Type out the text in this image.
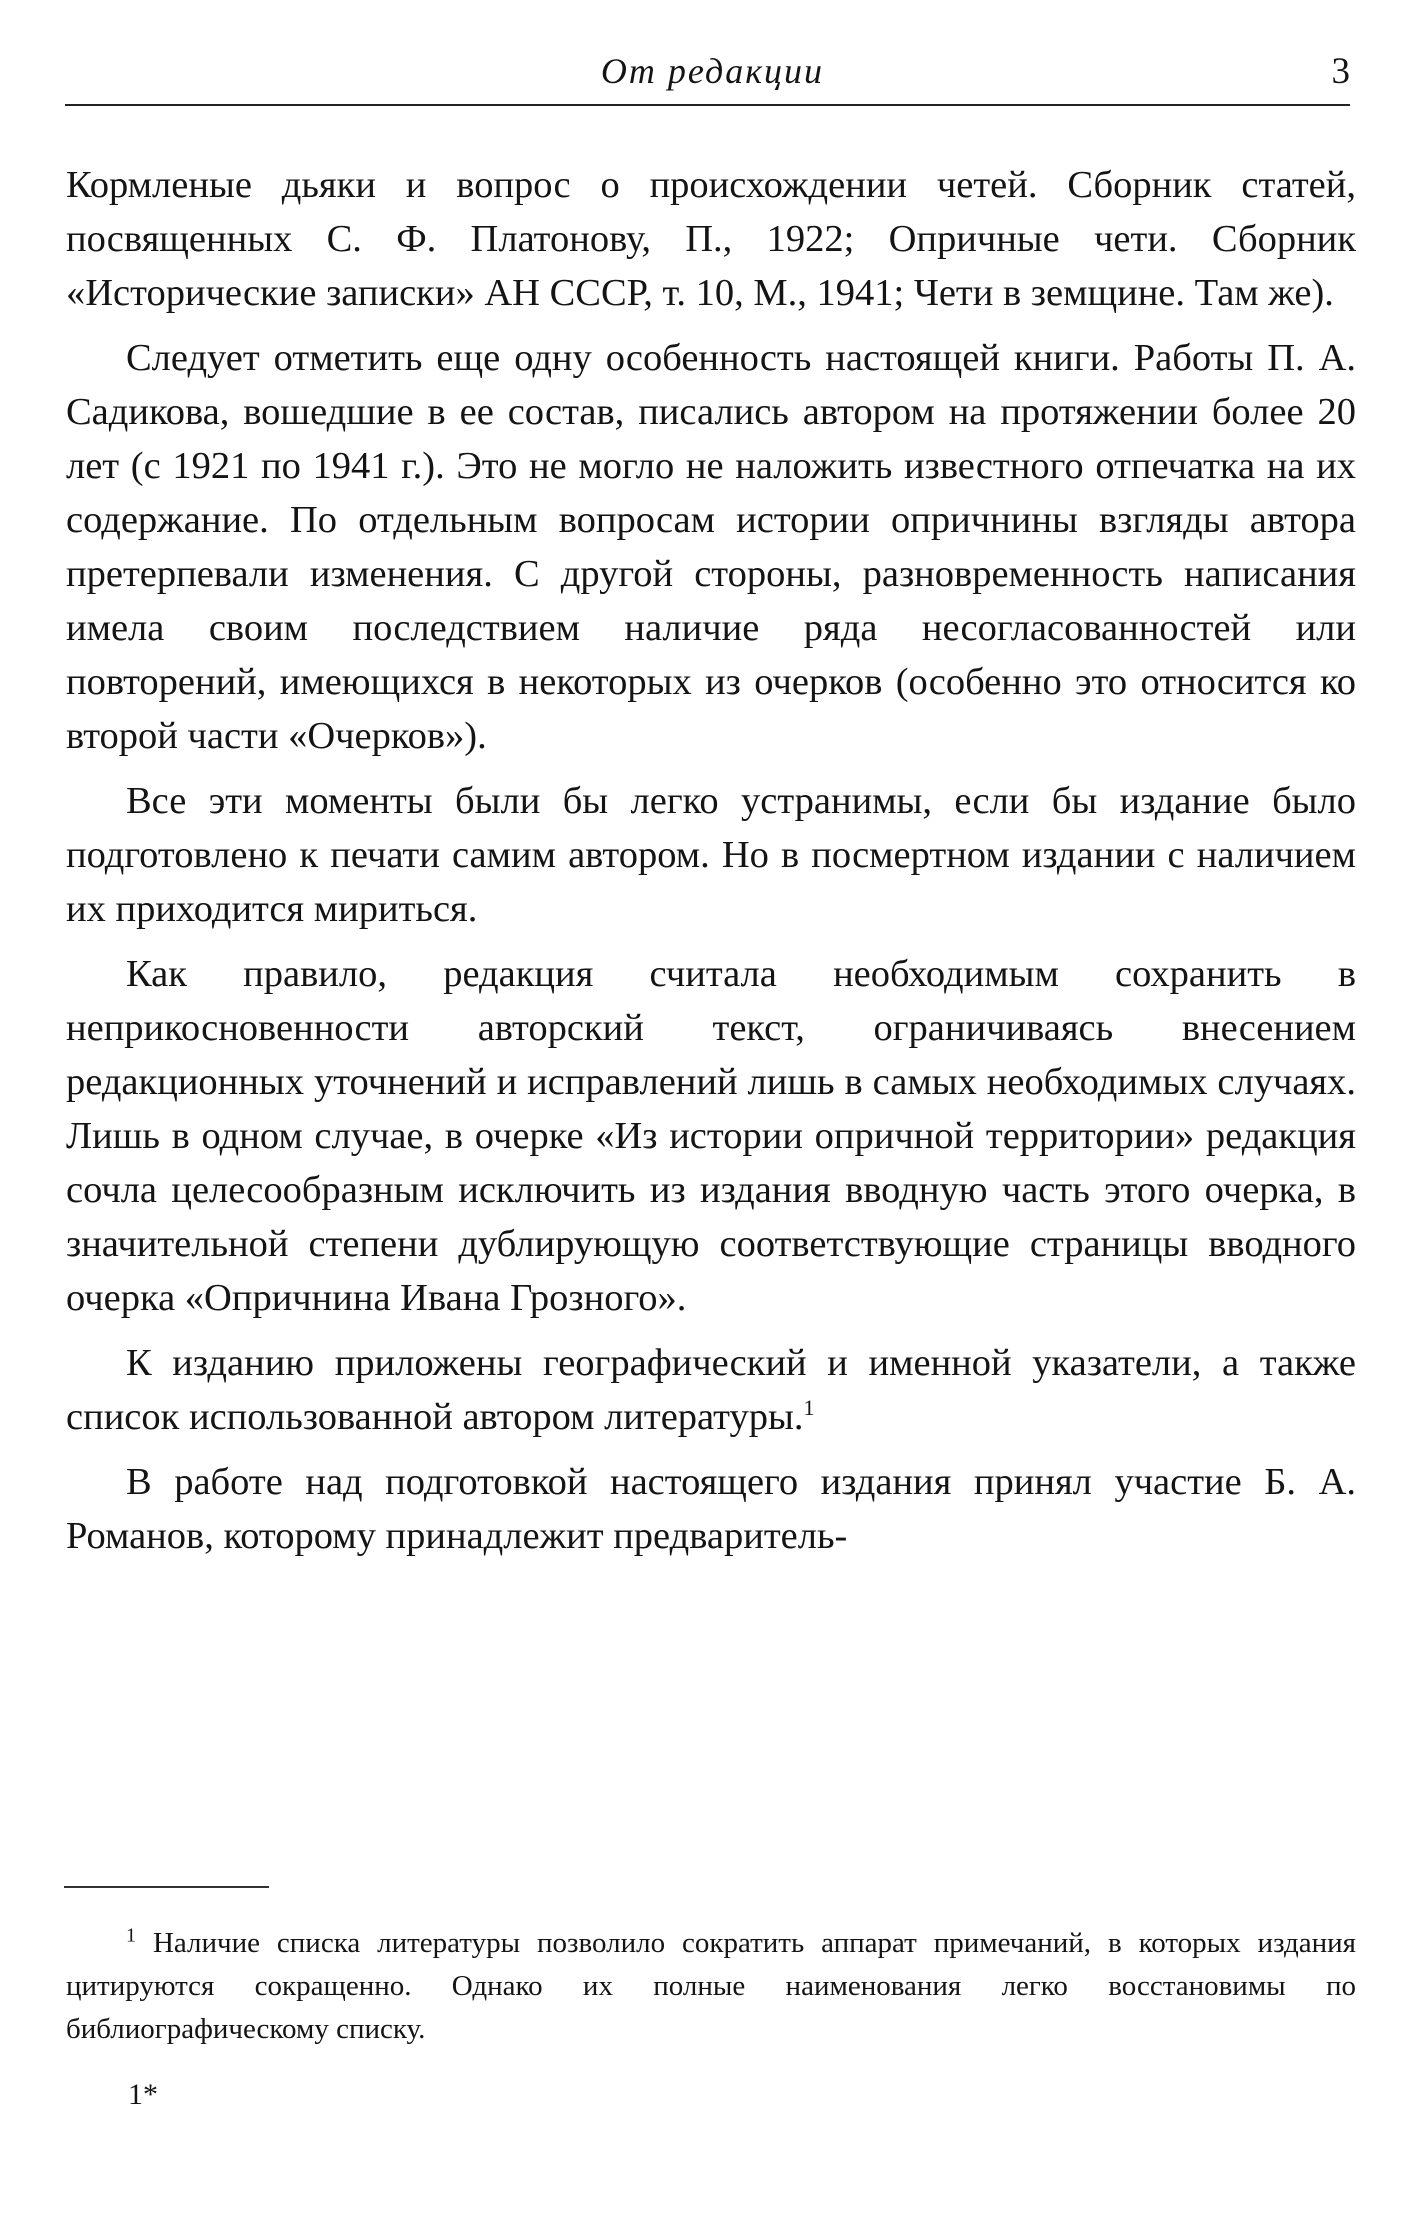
От редакции	3

Кормленые дьяки и вопрос о происхождении четей. Сборник статей, посвященных С. Ф. Платонову, П., 1922; Опричные чети. Сборник «Исторические записки» АН СССР, т. 10, М., 1941; Чети в земщине. Там же).

Следует отметить еще одну особенность настоящей книги. Работы П. А. Садикова, вошедшие в ее состав, писались автором на протяжении более 20 лет (с 1921 по 1941 г.). Это не могло не наложить известного отпечатка на их содержание. По отдельным вопросам истории опричнины взгляды автора претерпевали изменения. С другой стороны, разновременность написания имела своим последствием наличие ряда несогласованностей или повторений, имеющихся в некоторых из очерков (особенно это относится ко второй части «Очерков»).

Все эти моменты были бы легко устранимы, если бы издание было подготовлено к печати самим автором. Но в посмертном издании с наличием их приходится мириться.

Как правило, редакция считала необходимым сохранить в неприкосновенности авторский текст, ограничиваясь внесением редакционных уточнений и исправлений лишь в самых необходимых случаях. Лишь в одном случае, в очерке «Из истории опричной территории» редакция сочла целесообразным исключить из издания вводную часть этого очерка, в значительной степени дублирующую соответствующие страницы вводного очерка «Опричнина Ивана Грозного».

К изданию приложены географический и именной указатели, а также список использованной автором литературы.$^1$

В работе над подготовкой настоящего издания принял участие Б. А. Романов, которому принадлежит предваритель-

$^1$ Наличие списка литературы позволило сократить аппарат примечаний, в которых издания цитируются сокращенно. Однако их полные наименования легко восстановимы по библиографическому списку.

1*
